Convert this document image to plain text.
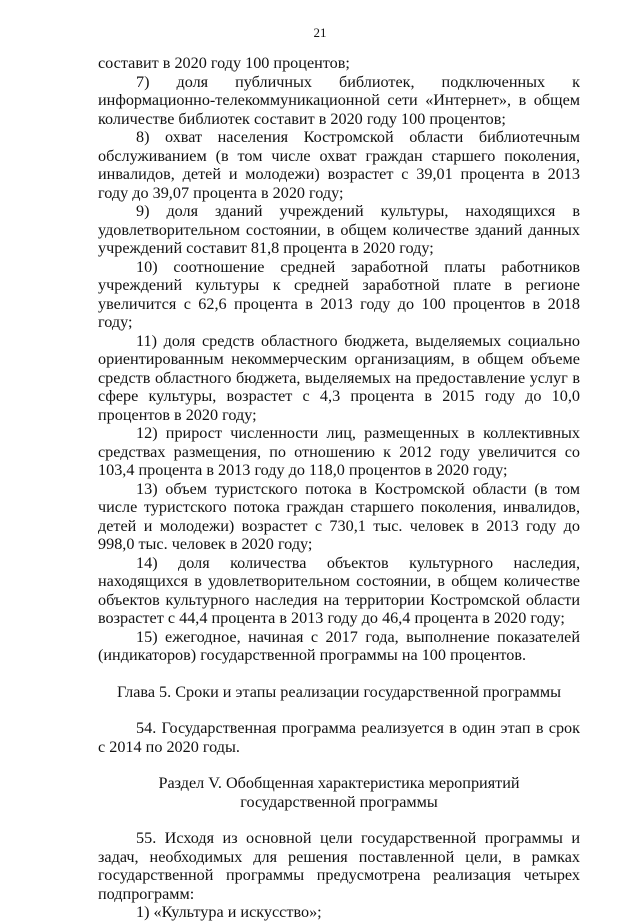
21

составит в 2020 году 100 процентов;

7) доля публичных библиотек, подключенных к информационно-телекоммуникационной сети «Интернет», в общем количестве библиотек составит в 2020 году 100 процентов;

8) охват населения Костромской области библиотечным обслуживанием (в том числе охват граждан старшего поколения, инвалидов, детей и молодежи) возрастет с 39,01 процента в 2013 году до 39,07 процента в 2020 году;

9) доля зданий учреждений культуры, находящихся в удовлетворительном состоянии, в общем количестве зданий данных учреждений составит 81,8 процента в 2020 году;

10) соотношение средней заработной платы работников учреждений культуры к средней заработной плате в регионе увеличится с 62,6 процента в 2013 году до 100 процентов в 2018 году;

11) доля средств областного бюджета, выделяемых социально ориентированным некоммерческим организациям, в общем объеме средств областного бюджета, выделяемых на предоставление услуг в сфере культуры, возрастет с 4,3 процента в 2015 году до 10,0 процентов в 2020 году;

12) прирост численности лиц, размещенных в коллективных средствах размещения, по отношению к 2012 году увеличится со 103,4 процента в 2013 году до 118,0 процентов в 2020 году;

13) объем туристского потока в Костромской области (в том числе туристского потока граждан старшего поколения, инвалидов, детей и молодежи) возрастет с 730,1 тыс. человек в 2013 году до 998,0 тыс. человек в 2020 году;

14) доля количества объектов культурного наследия, находящихся в удовлетворительном состоянии, в общем количестве объектов культурного наследия на территории Костромской области возрастет с 44,4 процента в 2013 году до 46,4 процента в 2020 году;

15) ежегодное, начиная с 2017 года, выполнение показателей (индикаторов) государственной программы на 100 процентов.

Глава 5. Сроки и этапы реализации государственной программы

54. Государственная программа реализуется в один этап в срок с 2014 по 2020 годы.

Раздел V. Обобщенная характеристика мероприятий

государственной программы

55. Исходя из основной цели государственной программы и задач, необходимых для решения поставленной цели, в рамках государственной программы предусмотрена реализация четырех подпрограмм:

1) «Культура и искусство»;
